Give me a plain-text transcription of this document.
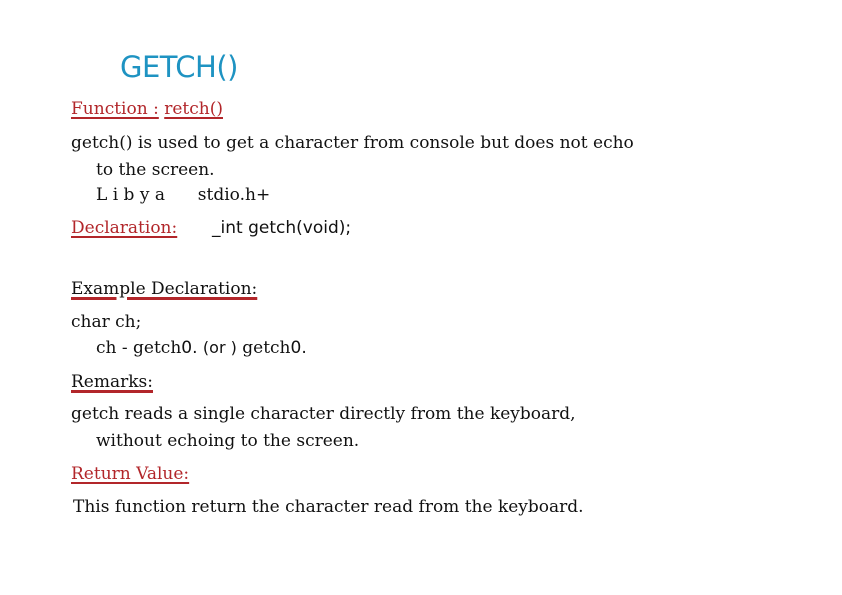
GETCH()
Function : retch()
getch() is used to get a character from console but does not echo
to the screen.
L i b y a stdio.h+
Declaration: _int getch(void);
Example Declaration:
char ch;
ch - getch0. (or ) getch0.
Remarks:
getch reads a single character directly from the keyboard,
without echoing to the screen.
Return Value:
This function return the character read from the keyboard.
